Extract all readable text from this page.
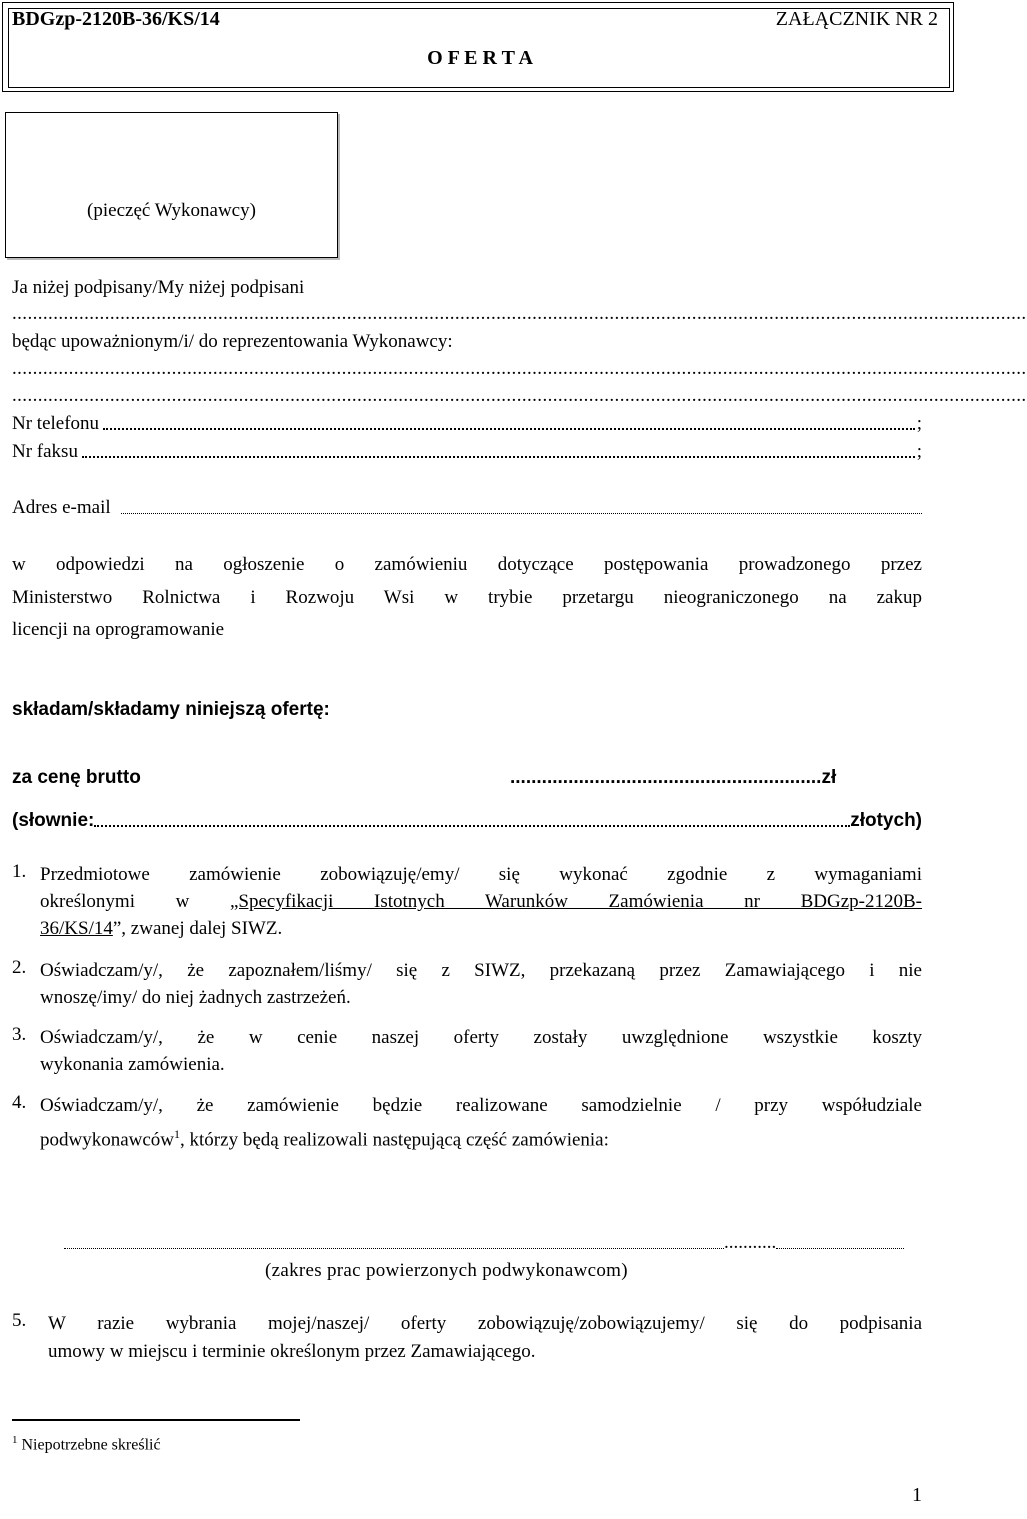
BDGzp-2120B-36/KS/14	ZAŁĄCZNIK NR 2
O F E R T A
(pieczęć Wykonawcy)
Ja niżej podpisany/My niżej podpisani
.....................................................................................................................................................................................................
będąc upoważnionym/i/ do reprezentowania Wykonawcy:
.....................................................................................................................................................................................................
.....................................................................................................................................................................................................
Nr telefonu	;
Nr faksu	;
Adres e-mail
w odpowiedzi na ogłoszenie o zamówieniu dotyczące postępowania prowadzonego przez
Ministerstwo Rolnictwa i Rozwoju Wsi w trybie przetargu nieograniczonego na zakup
licencji na oprogramowanie
składam/składamy niniejszą ofertę:
za cenę brutto	...........................................................zł
(słownie:	złotych)
1. Przedmiotowe zamówienie zobowiązuję/emy/ się wykonać zgodnie z wymaganiami
określonymi w „Specyfikacji Istotnych Warunków Zamówienia nr BDGzp-2120B-
36/KS/14”, zwanej dalej SIWZ.
2. Oświadczam/y/, że zapoznałem/liśmy/ się z SIWZ, przekazaną przez Zamawiającego i nie
wnoszę/imy/ do niej żadnych zastrzeżeń.
3. Oświadczam/y/, że w cenie naszej oferty zostały uwzględnione wszystkie koszty
wykonania zamówienia.
4. Oświadczam/y/, że zamówienie będzie realizowane samodzielnie / przy współudziale
podwykonawców$^1$, którzy będą realizowali następującą część zamówienia:
...........
(zakres prac powierzonych podwykonawcom)
5. W razie wybrania mojej/naszej/ oferty zobowiązuję/zobowiązujemy/ się do podpisania
umowy w miejscu i terminie określonym przez Zamawiającego.
$^1$ Niepotrzebne skreślić
1
